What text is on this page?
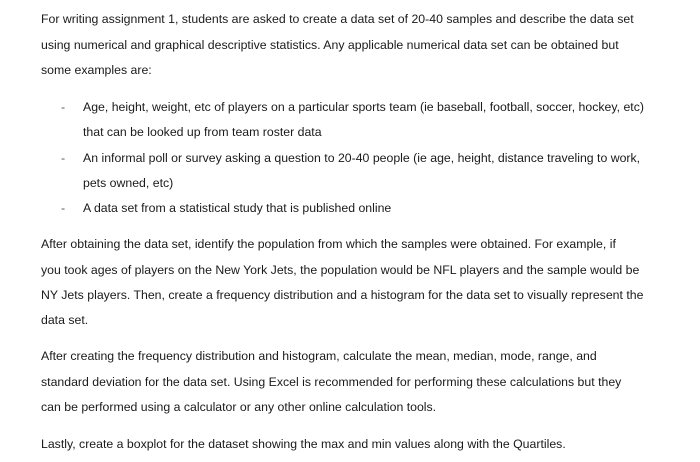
For writing assignment 1, students are asked to create a data set of 20-40 samples and describe the data set
using numerical and graphical descriptive statistics. Any applicable numerical data set can be obtained but
some examples are:
- Age, height, weight, etc of players on a particular sports team (ie baseball, football, soccer, hockey, etc)
that can be looked up from team roster data
- An informal poll or survey asking a question to 20-40 people (ie age, height, distance traveling to work,
pets owned, etc)
- A data set from a statistical study that is published online
After obtaining the data set, identify the population from which the samples were obtained. For example, if
you took ages of players on the New York Jets, the population would be NFL players and the sample would be
NY Jets players. Then, create a frequency distribution and a histogram for the data set to visually represent the
data set.
After creating the frequency distribution and histogram, calculate the mean, median, mode, range, and
standard deviation for the data set. Using Excel is recommended for performing these calculations but they
can be performed using a calculator or any other online calculation tools.
Lastly, create a boxplot for the dataset showing the max and min values along with the Quartiles.
